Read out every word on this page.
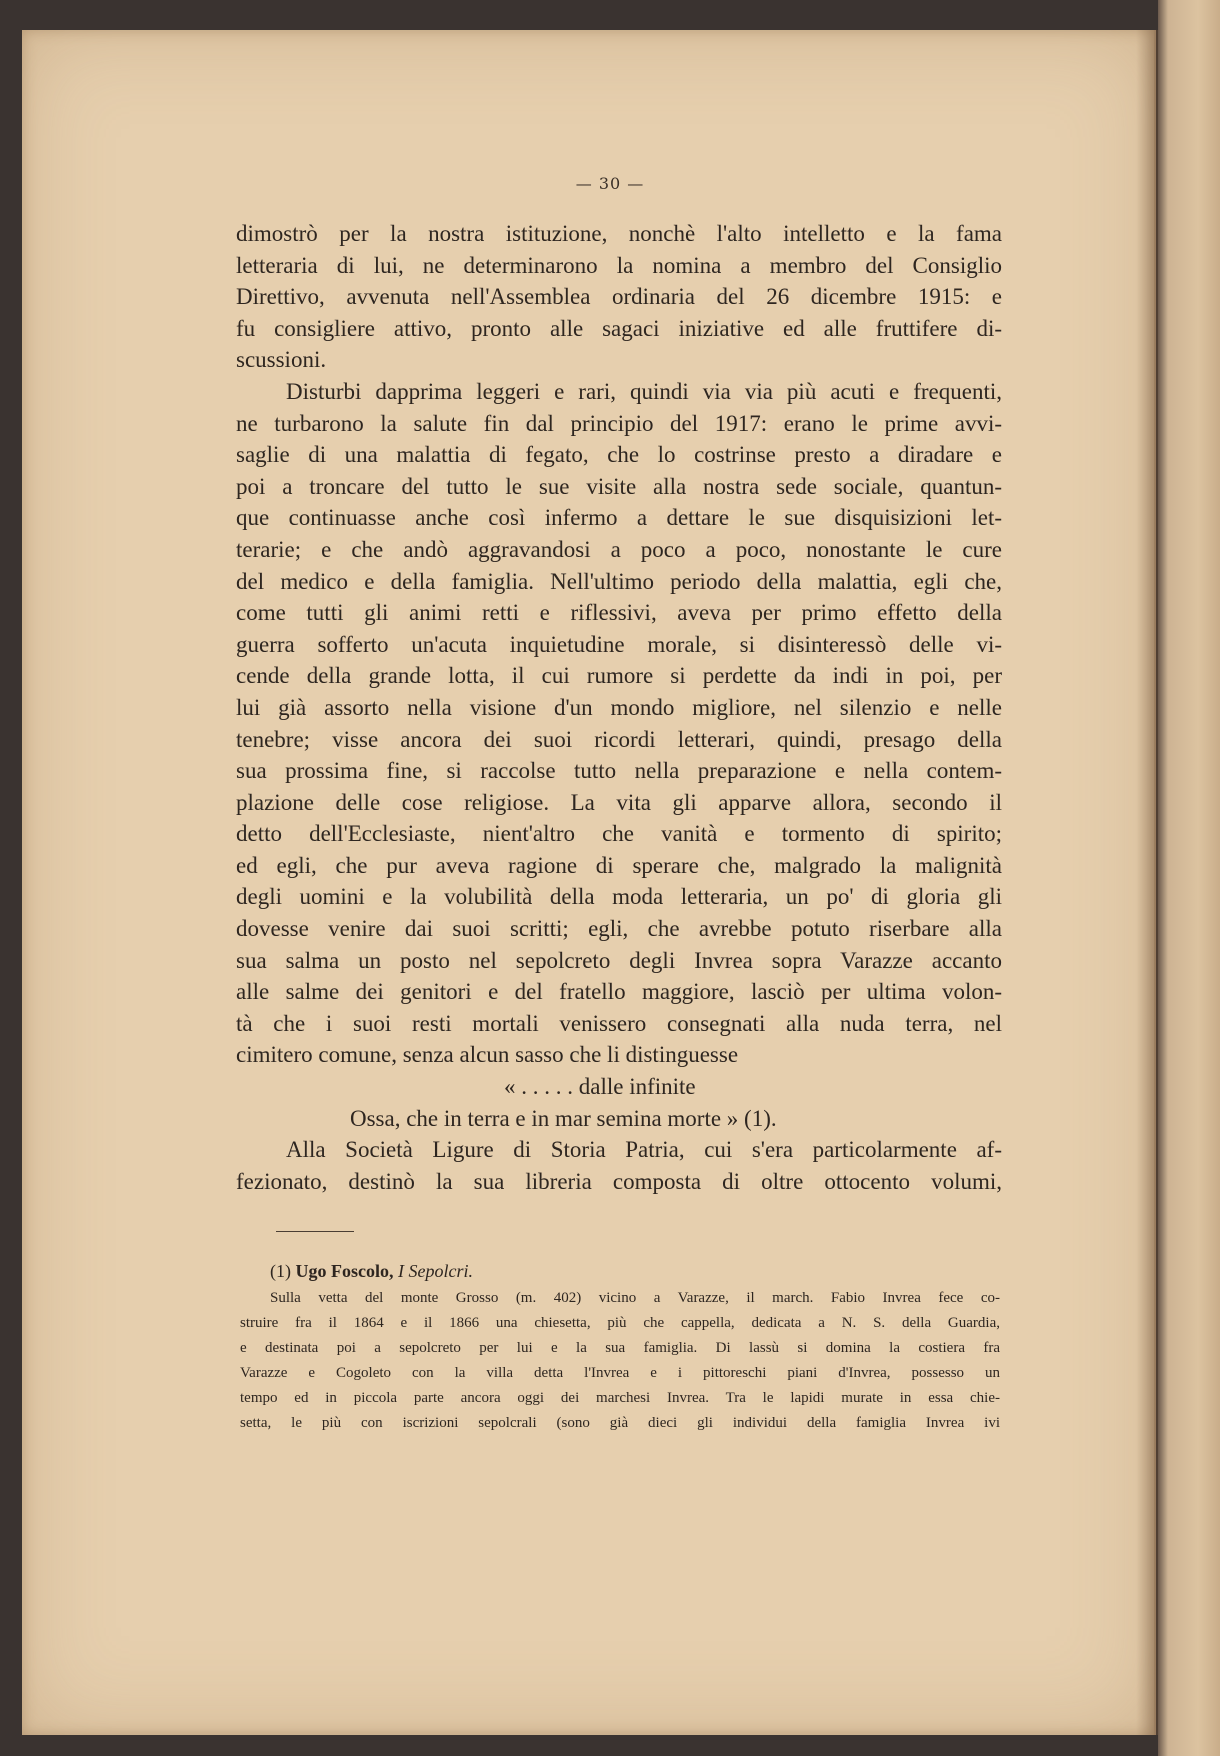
— 30 —

dimostrò per la nostra istituzione, nonchè l'alto intelletto e la fama

letteraria di lui, ne determinarono la nomina a membro del Consiglio

Direttivo, avvenuta nell'Assemblea ordinaria del 26 dicembre 1915: e

fu consigliere attivo, pronto alle sagaci iniziative ed alle fruttifere di-

scussioni.

Disturbi dapprima leggeri e rari, quindi via via più acuti e frequenti,

ne turbarono la salute fin dal principio del 1917: erano le prime avvi-

saglie di una malattia di fegato, che lo costrinse presto a diradare e

poi a troncare del tutto le sue visite alla nostra sede sociale, quantun-

que continuasse anche così infermo a dettare le sue disquisizioni let-

terarie; e che andò aggravandosi a poco a poco, nonostante le cure

del medico e della famiglia. Nell'ultimo periodo della malattia, egli che,

come tutti gli animi retti e riflessivi, aveva per primo effetto della

guerra sofferto un'acuta inquietudine morale, si disinteressò delle vi-

cende della grande lotta, il cui rumore si perdette da indi in poi, per

lui già assorto nella visione d'un mondo migliore, nel silenzio e nelle

tenebre; visse ancora dei suoi ricordi letterari, quindi, presago della

sua prossima fine, si raccolse tutto nella preparazione e nella contem-

plazione delle cose religiose. La vita gli apparve allora, secondo il

detto dell'Ecclesiaste, nient'altro che vanità e tormento di spirito;

ed egli, che pur aveva ragione di sperare che, malgrado la malignità

degli uomini e la volubilità della moda letteraria, un po' di gloria gli

dovesse venire dai suoi scritti; egli, che avrebbe potuto riserbare alla

sua salma un posto nel sepolcreto degli Invrea sopra Varazze accanto

alle salme dei genitori e del fratello maggiore, lasciò per ultima volon-

tà che i suoi resti mortali venissero consegnati alla nuda terra, nel

cimitero comune, senza alcun sasso che li distinguesse

« . . . . . dalle infinite

Ossa, che in terra e in mar semina morte » (1).

Alla Società Ligure di Storia Patria, cui s'era particolarmente af-

fezionato, destinò la sua libreria composta di oltre ottocento volumi,

(1) Ugo Foscolo, I Sepolcri.

Sulla vetta del monte Grosso (m. 402) vicino a Varazze, il march. Fabio Invrea fece co-
struire fra il 1864 e il 1866 una chiesetta, più che cappella, dedicata a N. S. della Guardia,
e destinata poi a sepolcreto per lui e la sua famiglia. Di lassù si domina la costiera fra
Varazze e Cogoleto con la villa detta l'Invrea e i pittoreschi piani d'Invrea, possesso un
tempo ed in piccola parte ancora oggi dei marchesi Invrea. Tra le lapidi murate in essa chie-
setta, le più con iscrizioni sepolcrali (sono già dieci gli individui della famiglia Invrea ivi
